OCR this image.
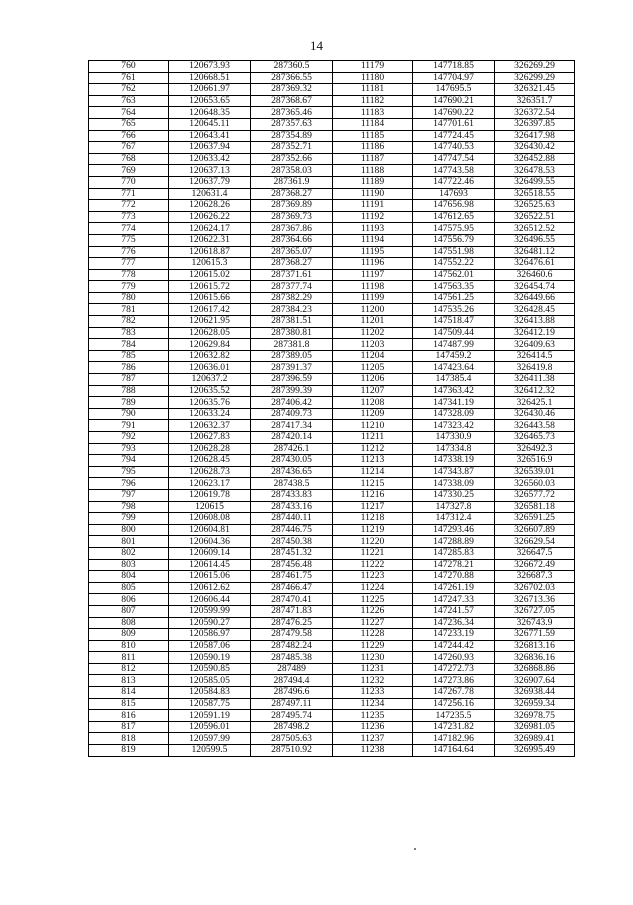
14
760	120673.93	287360.5	11179	147718.85	326269.29
761	120668.51	287366.55	11180	147704.97	326299.29
762	120661.97	287369.32	11181	147695.5	326321.45
763	120653.65	287368.67	11182	147690.21	326351.7
764	120648.35	287365.46	11183	147690.22	326372.54
765	120645.11	287357.63	11184	147701.61	326397.85
766	120643.41	287354.89	11185	147724.45	326417.98
767	120637.94	287352.71	11186	147740.53	326430.42
768	120633.42	287352.66	11187	147747.54	326452.88
769	120637.13	287358.03	11188	147743.58	326478.53
770	120637.79	287361.9	11189	147722.46	326499.55
771	120631.4	287368.27	11190	147693	326518.55
772	120628.26	287369.89	11191	147656.98	326525.63
773	120626.22	287369.73	11192	147612.65	326522.51
774	120624.17	287367.86	11193	147575.95	326512.52
775	120622.31	287364.66	11194	147556.79	326496.55
776	120618.87	287365.07	11195	147551.98	326481.12
777	120615.3	287368.27	11196	147552.22	326476.61
778	120615.02	287371.61	11197	147562.01	326460.6
779	120615.72	287377.74	11198	147563.35	326454.74
780	120615.66	287382.29	11199	147561.25	326449.66
781	120617.42	287384.23	11200	147535.26	326428.45
782	120621.95	287381.51	11201	147518.47	326413.88
783	120628.05	287380.81	11202	147509.44	326412.19
784	120629.84	287381.8	11203	147487.99	326409.63
785	120632.82	287389.05	11204	147459.2	326414.5
786	120636.01	287391.37	11205	147423.64	326419.8
787	120637.2	287396.59	11206	147385.4	326411.38
788	120635.52	287399.39	11207	147363.42	326412.32
789	120635.76	287406.42	11208	147341.19	326425.1
790	120633.24	287409.73	11209	147328.09	326430.46
791	120632.37	287417.34	11210	147323.42	326443.58
792	120627.83	287420.14	11211	147330.9	326465.73
793	120628.28	287426.1	11212	147334.8	326492.3
794	120628.45	287430.05	11213	147338.19	326516.9
795	120628.73	287436.65	11214	147343.87	326539.01
796	120623.17	287438.5	11215	147338.09	326560.03
797	120619.78	287433.83	11216	147330.25	326577.72
798	120615	287433.16	11217	147327.8	326581.18
799	120608.08	287440.11	11218	147312.4	326591.25
800	120604.81	287446.75	11219	147293.46	326607.89
801	120604.36	287450.38	11220	147288.89	326629.54
802	120609.14	287451.32	11221	147285.83	326647.5
803	120614.45	287456.48	11222	147278.21	326672.49
804	120615.06	287461.75	11223	147270.88	326687.3
805	120612.62	287466.47	11224	147261.19	326702.03
806	120606.44	287470.41	11225	147247.33	326713.36
807	120599.99	287471.83	11226	147241.57	326727.05
808	120590.27	287476.25	11227	147236.34	326743.9
809	120586.97	287479.58	11228	147233.19	326771.59
810	120587.06	287482.24	11229	147244.42	326813.16
811	120590.19	287485.38	11230	147260.93	326836.16
812	120590.85	287489	11231	147272.73	326868.86
813	120585.05	287494.4	11232	147273.86	326907.64
814	120584.83	287496.6	11233	147267.78	326938.44
815	120587.75	287497.11	11234	147256.16	326959.34
816	120591.19	287495.74	11235	147235.5	326978.75
817	120596.01	287498.2	11236	147231.82	326981.05
818	120597.99	287505.63	11237	147182.96	326989.41
819	120599.5	287510.92	11238	147164.64	326995.49
